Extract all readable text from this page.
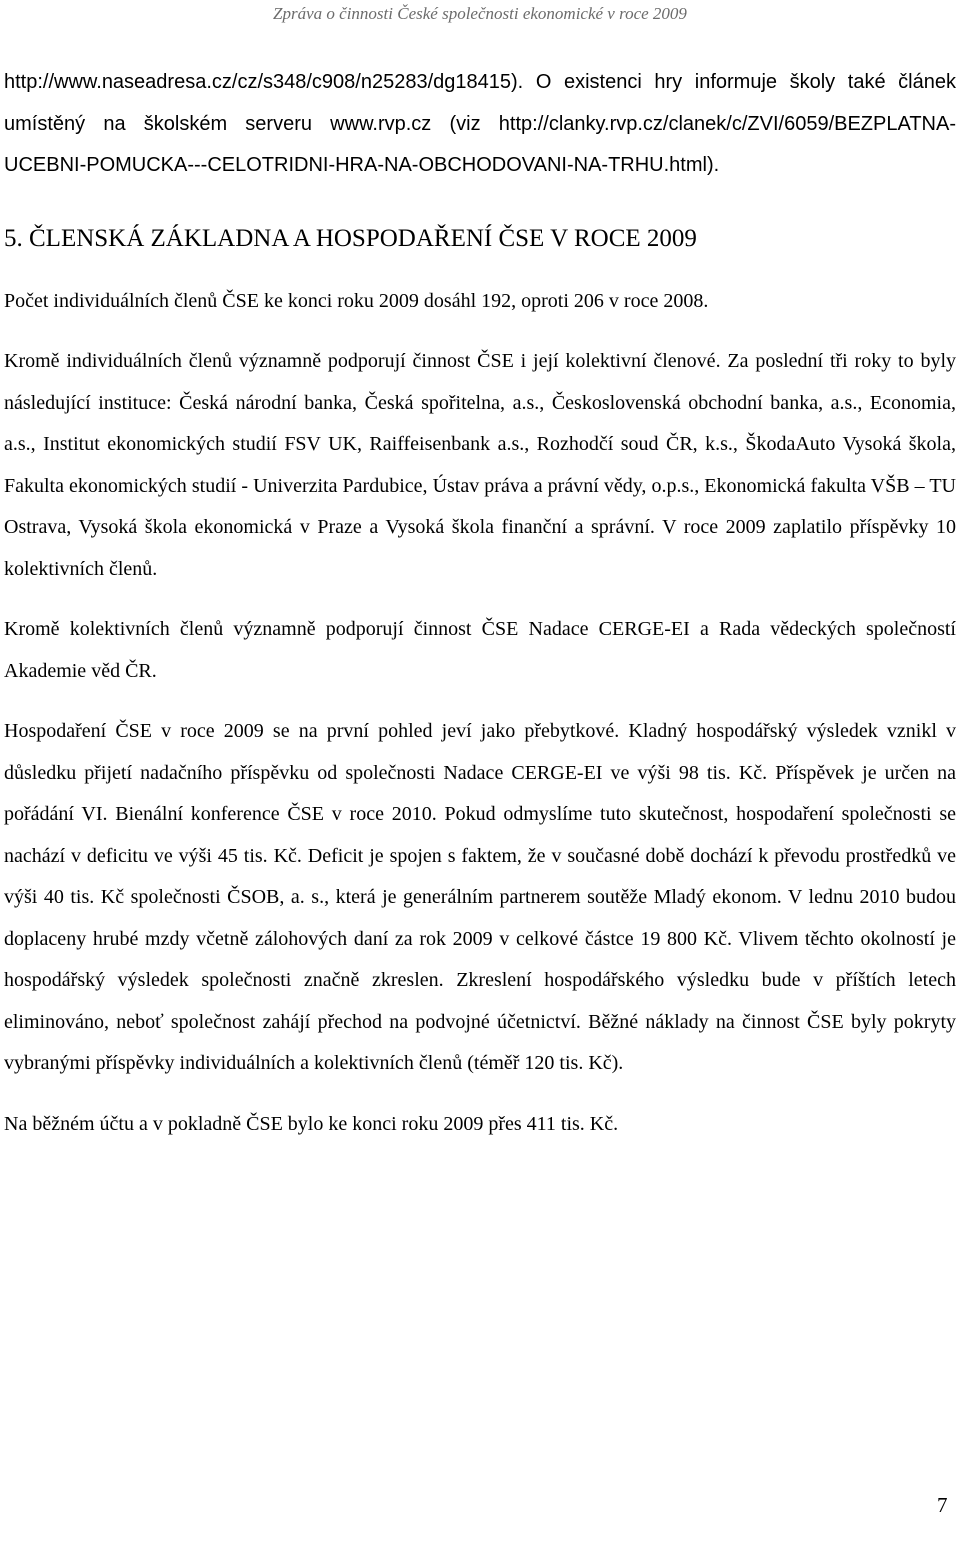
Zpráva o činnosti České společnosti ekonomické v roce 2009

http://www.naseadresa.cz/cz/s348/c908/n25283/dg18415). O existenci hry informuje školy také článek umístěný na školském serveru www.rvp.cz (viz http://clanky.rvp.cz/clanek/c/ZVI/6059/BEZPLATNA-UCEBNI-POMUCKA---CELOTRIDNI-HRA-NA-OBCHODOVANI-NA-TRHU.html).

5. ČLENSKÁ ZÁKLADNA A HOSPODAŘENÍ ČSE V ROCE 2009

Počet individuálních členů ČSE ke konci roku 2009 dosáhl 192, oproti 206 v roce 2008.

Kromě individuálních členů významně podporují činnost ČSE i její kolektivní členové. Za poslední tři roky to byly následující instituce: Česká národní banka, Česká spořitelna, a.s., Československá obchodní banka, a.s., Economia, a.s., Institut ekonomických studií FSV UK, Raiffeisenbank a.s., Rozhodčí soud ČR, k.s., ŠkodaAuto Vysoká škola, Fakulta ekonomických studií - Univerzita Pardubice, Ústav práva a právní vědy, o.p.s., Ekonomická fakulta VŠB – TU Ostrava, Vysoká škola ekonomická v Praze a Vysoká škola finanční a správní. V roce 2009 zaplatilo příspěvky 10 kolektivních členů.

Kromě kolektivních členů významně podporují činnost ČSE Nadace CERGE-EI a Rada vědeckých společností Akademie věd ČR.

Hospodaření ČSE v roce 2009 se na první pohled jeví jako přebytkové. Kladný hospodářský výsledek vznikl v důsledku přijetí nadačního příspěvku od společnosti Nadace CERGE-EI ve výši 98 tis. Kč. Příspěvek je určen na pořádání VI. Bienální konference ČSE v roce 2010. Pokud odmyslíme tuto skutečnost, hospodaření společnosti se nachází v deficitu ve výši 45 tis. Kč. Deficit je spojen s faktem, že v současné době dochází k převodu prostředků ve výši 40 tis. Kč společnosti ČSOB, a. s., která je generálním partnerem soutěže Mladý ekonom. V lednu 2010 budou doplaceny hrubé mzdy včetně zálohových daní za rok 2009 v celkové částce 19 800 Kč. Vlivem těchto okolností je hospodářský výsledek společnosti značně zkreslen. Zkreslení hospodářského výsledku bude v příštích letech eliminováno, neboť společnost zahájí přechod na podvojné účetnictví. Běžné náklady na činnost ČSE byly pokryty vybranými příspěvky individuálních a kolektivních členů (téměř 120 tis. Kč).

Na běžném účtu a v pokladně ČSE bylo ke konci roku 2009 přes 411 tis. Kč.

7
